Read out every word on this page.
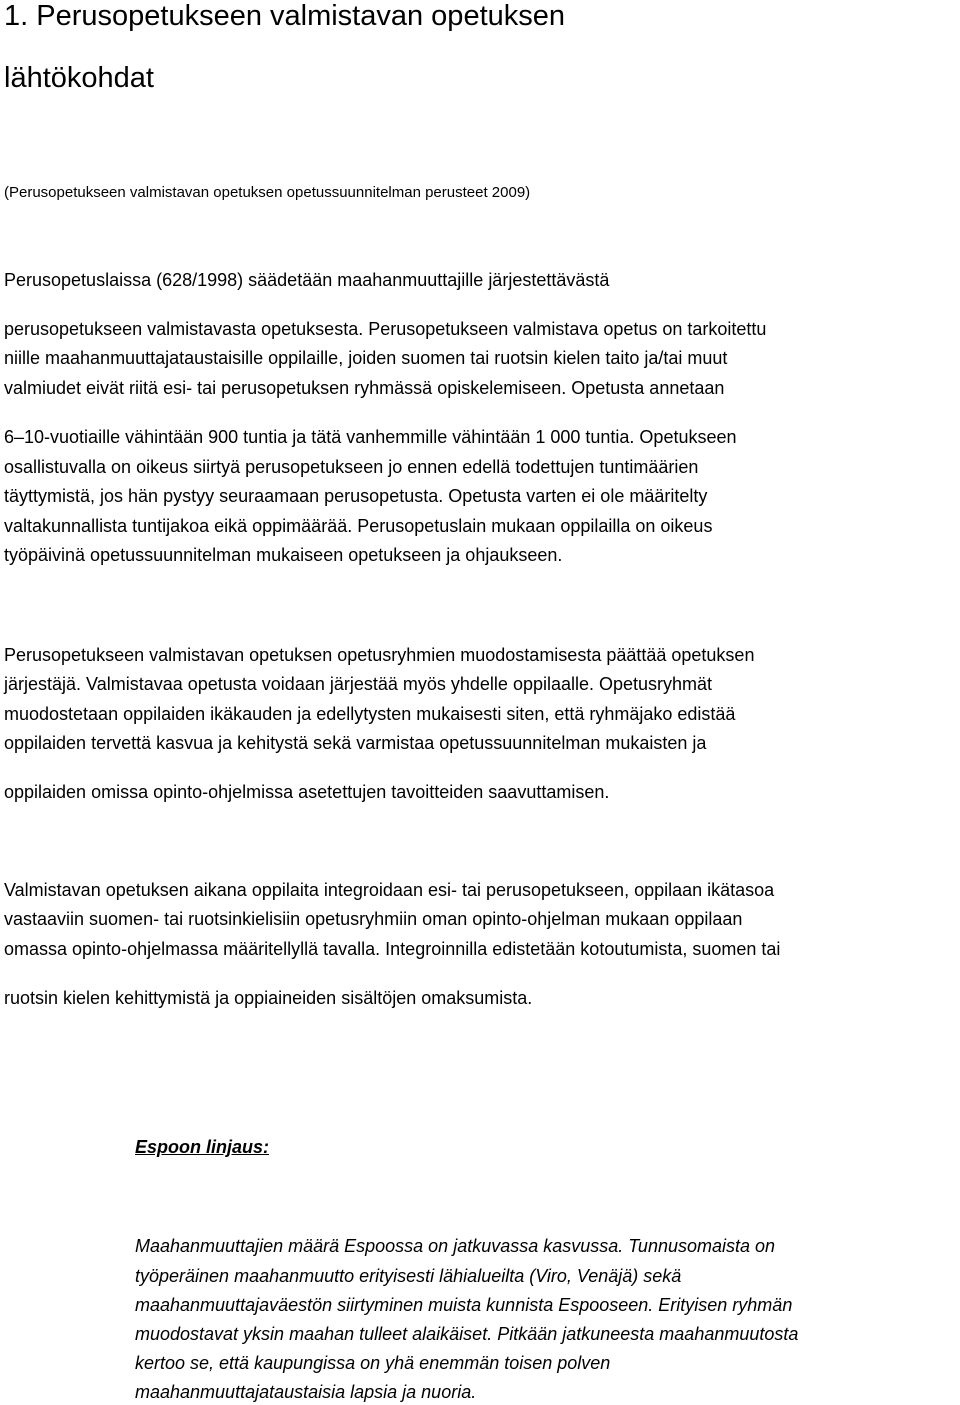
1. Perusopetukseen valmistavan opetuksen
lähtökohdat
(Perusopetukseen valmistavan opetuksen opetussuunnitelman perusteet 2009)
Perusopetuslaissa (628/1998) säädetään maahanmuuttajille järjestettävästä
perusopetukseen valmistavasta opetuksesta. Perusopetukseen valmistava opetus on tarkoitettu
niille maahanmuuttajataustaisille oppilaille, joiden suomen tai ruotsin kielen taito ja/tai muut
valmiudet eivät riitä esi- tai perusopetuksen ryhmässä opiskelemiseen. Opetusta annetaan
6–10-vuotiaille vähintään 900 tuntia ja tätä vanhemmille vähintään 1 000 tuntia. Opetukseen
osallistuvalla on oikeus siirtyä perusopetukseen jo ennen edellä todettujen tuntimäärien
täyttymistä, jos hän pystyy seuraamaan perusopetusta. Opetusta varten ei ole määritelty
valtakunnallista tuntijakoa eikä oppimäärää. Perusopetuslain mukaan oppilailla on oikeus
työpäivinä opetussuunnitelman mukaiseen opetukseen ja ohjaukseen.
Perusopetukseen valmistavan opetuksen opetusryhmien muodostamisesta päättää opetuksen
järjestäjä. Valmistavaa opetusta voidaan järjestää myös yhdelle oppilaalle. Opetusryhmät
muodostetaan oppilaiden ikäkauden ja edellytysten mukaisesti siten, että ryhmäjako edistää
oppilaiden tervettä kasvua ja kehitystä sekä varmistaa opetussuunnitelman mukaisten ja
oppilaiden omissa opinto-ohjelmissa asetettujen tavoitteiden saavuttamisen.
Valmistavan opetuksen aikana oppilaita integroidaan esi- tai perusopetukseen, oppilaan ikätasoa
vastaaviin suomen- tai ruotsinkielisiin opetusryhmiin oman opinto-ohjelman mukaan oppilaan
omassa opinto-ohjelmassa määritellyllä tavalla. Integroinnilla edistetään kotoutumista, suomen tai
ruotsin kielen kehittymistä ja oppiaineiden sisältöjen omaksumista.
Espoon linjaus:
Maahanmuuttajien määrä Espoossa on jatkuvassa kasvussa. Tunnusomaista on
työperäinen maahanmuutto erityisesti lähialueilta (Viro, Venäjä) sekä
maahanmuuttajaväestön siirtyminen muista kunnista Espooseen. Erityisen ryhmän
muodostavat yksin maahan tulleet alaikäiset. Pitkään jatkuneesta maahanmuutosta
kertoo se, että kaupungissa on yhä enemmän toisen polven
maahanmuuttajataustaisia lapsia ja nuoria.
